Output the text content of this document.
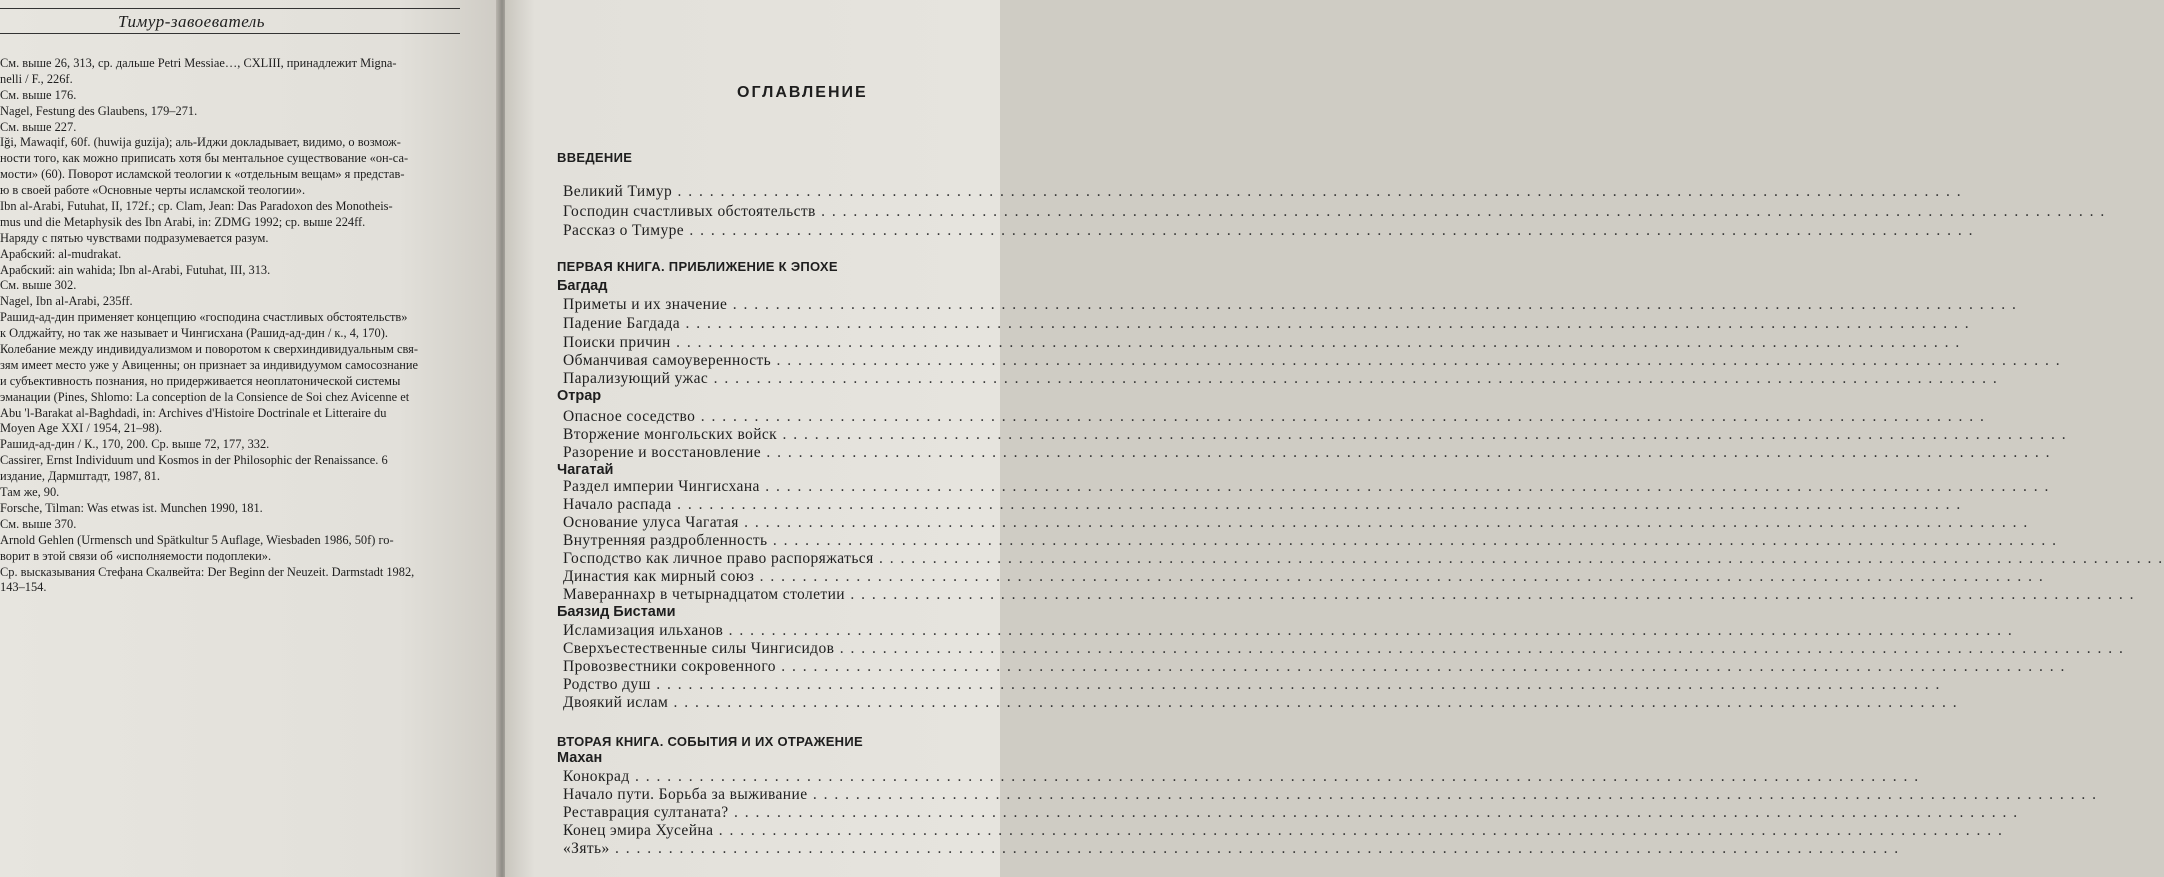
Тимур-завоеватель
См. выше 26, 313, ср. дальше Petri Messiae…, CXLIII, принадлежит Migna-
nelli / F., 226f.
См. выше 176.
Nagel, Festung des Glaubens, 179–271.
См. выше 227.
Iği, Mawaqif, 60f. (huwija guzija); аль-Иджи докладывает, видимо, о возмож-
ности того, как можно приписать хотя бы ментальное существование «он-са-
мости» (60). Поворот исламской теологии к «отдельным вещам» я представ-
ю в своей работе «Основные черты исламской теологии».
Ibn al-Arabi, Futuhat, II, 172f.; ср. Clam, Jean: Das Paradoxon des Monotheis-
mus und die Metaphysik des Ibn Arabi, in: ZDMG 1992; ср. выше 224ff.
Наряду с пятью чувствами подразумевается разум.
Арабский: al-mudrakat.
Арабский: ain wahida; Ibn al-Arabi, Futuhat, III, 313.
См. выше 302.
Nagel, Ibn al-Arabi, 235ff.
Рашид-ад-дин применяет концепцию «господина счастливых обстоятельств»
к Олджайту, но так же называет и Чингисхана (Рашид-ад-дин / к., 4, 170).
Колебание между индивидуализмом и поворотом к сверхиндивидуальным свя-
зям имеет место уже у Авиценны; он признает за индивидуумом самосознание
и субъективность познания, но придерживается неоплатонической системы
эманации (Pines, Shlomo: La conception de la Consience de Soi chez Avicenne et
Abu 'l-Barakat al-Baghdadi, in: Archives d'Histoire Doctrinale et Litteraire du
Moyen Age XXI / 1954, 21–98).
Рашид-ад-дин / К., 170, 200. Ср. выше 72, 177, 332.
Cassirer, Ernst Individuum und Kosmos in der Philosophic der Renaissance. 6
издание, Дармштадт, 1987, 81.
Там же, 90.
Forsche, Tilman: Was etwas ist. Munchen 1990, 181.
См. выше 370.
Arnold Gehlen (Urmensch und Spätkultur 5 Auflage, Wiesbaden 1986, 50f) го-
ворит в этой связи об «исполняемости подоплеки».
Ср. высказывания Стефана Скалвейта: Der Beginn der Neuzeit. Darmstadt 1982,
143–154.
ОГЛАВЛЕНИЕ
ВВЕДЕНИЕ
Великий Тимур . . . . . . . . . . . . . . . . . . . . . . . . . . . . . . . . . . . . . . . . . . . . . . . . . . . . . . . . . . . . . . . . . . . . . . . . . . . . . . . . . . . . . . . . . . . . . . . . . . . . . . . . . . . . . . . . . . . . . . . .
Господин счастливых обстоятельств . . . . . . . . . . . . . . . . . . . . . . . . . . . . . . . . . . . . . . . . . . . . . . . . . . . . . . . . . . . . . . . . . . . . . . . . . . . . . . . . . . . . . . . . . . . . . . . . . . . . . . . . . . . . . . . . . . . . . . . .
Рассказ о Тимуре . . . . . . . . . . . . . . . . . . . . . . . . . . . . . . . . . . . . . . . . . . . . . . . . . . . . . . . . . . . . . . . . . . . . . . . . . . . . . . . . . . . . . . . . . . . . . . . . . . . . . . . . . . . . . . . . . . . . . . . .
ПЕРВАЯ КНИГА. ПРИБЛИЖЕНИЕ К ЭПОХЕ
Багдад
Приметы и их значение . . . . . . . . . . . . . . . . . . . . . . . . . . . . . . . . . . . . . . . . . . . . . . . . . . . . . . . . . . . . . . . . . . . . . . . . . . . . . . . . . . . . . . . . . . . . . . . . . . . . . . . . . . . . . . . . . . . . . . . .
Падение Багдада . . . . . . . . . . . . . . . . . . . . . . . . . . . . . . . . . . . . . . . . . . . . . . . . . . . . . . . . . . . . . . . . . . . . . . . . . . . . . . . . . . . . . . . . . . . . . . . . . . . . . . . . . . . . . . . . . . . . . . . .
Поиски причин . . . . . . . . . . . . . . . . . . . . . . . . . . . . . . . . . . . . . . . . . . . . . . . . . . . . . . . . . . . . . . . . . . . . . . . . . . . . . . . . . . . . . . . . . . . . . . . . . . . . . . . . . . . . . . . . . . . . . . . .
Обманчивая самоуверенность . . . . . . . . . . . . . . . . . . . . . . . . . . . . . . . . . . . . . . . . . . . . . . . . . . . . . . . . . . . . . . . . . . . . . . . . . . . . . . . . . . . . . . . . . . . . . . . . . . . . . . . . . . . . . . . . . . . . . . . .
Парализующий ужас . . . . . . . . . . . . . . . . . . . . . . . . . . . . . . . . . . . . . . . . . . . . . . . . . . . . . . . . . . . . . . . . . . . . . . . . . . . . . . . . . . . . . . . . . . . . . . . . . . . . . . . . . . . . . . . . . . . . . . . .
Отрар
Опасное соседство . . . . . . . . . . . . . . . . . . . . . . . . . . . . . . . . . . . . . . . . . . . . . . . . . . . . . . . . . . . . . . . . . . . . . . . . . . . . . . . . . . . . . . . . . . . . . . . . . . . . . . . . . . . . . . . . . . . . . . . .
Вторжение монгольских войск . . . . . . . . . . . . . . . . . . . . . . . . . . . . . . . . . . . . . . . . . . . . . . . . . . . . . . . . . . . . . . . . . . . . . . . . . . . . . . . . . . . . . . . . . . . . . . . . . . . . . . . . . . . . . . . . . . . . . . . .
Разорение и восстановление . . . . . . . . . . . . . . . . . . . . . . . . . . . . . . . . . . . . . . . . . . . . . . . . . . . . . . . . . . . . . . . . . . . . . . . . . . . . . . . . . . . . . . . . . . . . . . . . . . . . . . . . . . . . . . . . . . . . . . . .
Чагатай
Раздел империи Чингисхана . . . . . . . . . . . . . . . . . . . . . . . . . . . . . . . . . . . . . . . . . . . . . . . . . . . . . . . . . . . . . . . . . . . . . . . . . . . . . . . . . . . . . . . . . . . . . . . . . . . . . . . . . . . . . . . . . . . . . . . .
Начало распада . . . . . . . . . . . . . . . . . . . . . . . . . . . . . . . . . . . . . . . . . . . . . . . . . . . . . . . . . . . . . . . . . . . . . . . . . . . . . . . . . . . . . . . . . . . . . . . . . . . . . . . . . . . . . . . . . . . . . . . .
Основание улуса Чагатая . . . . . . . . . . . . . . . . . . . . . . . . . . . . . . . . . . . . . . . . . . . . . . . . . . . . . . . . . . . . . . . . . . . . . . . . . . . . . . . . . . . . . . . . . . . . . . . . . . . . . . . . . . . . . . . . . . . . . . . .
Внутренняя раздробленность . . . . . . . . . . . . . . . . . . . . . . . . . . . . . . . . . . . . . . . . . . . . . . . . . . . . . . . . . . . . . . . . . . . . . . . . . . . . . . . . . . . . . . . . . . . . . . . . . . . . . . . . . . . . . . . . . . . . . . . .
Господство как личное право распоряжаться . . . . . . . . . . . . . . . . . . . . . . . . . . . . . . . . . . . . . . . . . . . . . . . . . . . . . . . . . . . . . . . . . . . . . . . . . . . . . . . . . . . . . . . . . . . . . . . . . . . . . . . . . . . . . . . . . . . . . . . .
Династия как мирный союз . . . . . . . . . . . . . . . . . . . . . . . . . . . . . . . . . . . . . . . . . . . . . . . . . . . . . . . . . . . . . . . . . . . . . . . . . . . . . . . . . . . . . . . . . . . . . . . . . . . . . . . . . . . . . . . . . . . . . . . .
Мавераннахр в четырнадцатом столетии . . . . . . . . . . . . . . . . . . . . . . . . . . . . . . . . . . . . . . . . . . . . . . . . . . . . . . . . . . . . . . . . . . . . . . . . . . . . . . . . . . . . . . . . . . . . . . . . . . . . . . . . . . . . . . . . . . . . . . . .
Баязид Бистами
Исламизация ильханов . . . . . . . . . . . . . . . . . . . . . . . . . . . . . . . . . . . . . . . . . . . . . . . . . . . . . . . . . . . . . . . . . . . . . . . . . . . . . . . . . . . . . . . . . . . . . . . . . . . . . . . . . . . . . . . . . . . . . . . .
Сверхъестественные силы Чингисидов . . . . . . . . . . . . . . . . . . . . . . . . . . . . . . . . . . . . . . . . . . . . . . . . . . . . . . . . . . . . . . . . . . . . . . . . . . . . . . . . . . . . . . . . . . . . . . . . . . . . . . . . . . . . . . . . . . . . . . . .
Провозвестники сокровенного . . . . . . . . . . . . . . . . . . . . . . . . . . . . . . . . . . . . . . . . . . . . . . . . . . . . . . . . . . . . . . . . . . . . . . . . . . . . . . . . . . . . . . . . . . . . . . . . . . . . . . . . . . . . . . . . . . . . . . . .
Родство душ . . . . . . . . . . . . . . . . . . . . . . . . . . . . . . . . . . . . . . . . . . . . . . . . . . . . . . . . . . . . . . . . . . . . . . . . . . . . . . . . . . . . . . . . . . . . . . . . . . . . . . . . . . . . . . . . . . . . . . . .
Двоякий ислам . . . . . . . . . . . . . . . . . . . . . . . . . . . . . . . . . . . . . . . . . . . . . . . . . . . . . . . . . . . . . . . . . . . . . . . . . . . . . . . . . . . . . . . . . . . . . . . . . . . . . . . . . . . . . . . . . . . . . . . .
ВТОРАЯ КНИГА. СОБЫТИЯ И ИХ ОТРАЖЕНИЕ
Махан
Конокрад . . . . . . . . . . . . . . . . . . . . . . . . . . . . . . . . . . . . . . . . . . . . . . . . . . . . . . . . . . . . . . . . . . . . . . . . . . . . . . . . . . . . . . . . . . . . . . . . . . . . . . . . . . . . . . . . . . . . . . . .
Начало пути. Борьба за выживание . . . . . . . . . . . . . . . . . . . . . . . . . . . . . . . . . . . . . . . . . . . . . . . . . . . . . . . . . . . . . . . . . . . . . . . . . . . . . . . . . . . . . . . . . . . . . . . . . . . . . . . . . . . . . . . . . . . . . . . .
Реставрация султаната? . . . . . . . . . . . . . . . . . . . . . . . . . . . . . . . . . . . . . . . . . . . . . . . . . . . . . . . . . . . . . . . . . . . . . . . . . . . . . . . . . . . . . . . . . . . . . . . . . . . . . . . . . . . . . . . . . . . . . . . .
Конец эмира Хусейна . . . . . . . . . . . . . . . . . . . . . . . . . . . . . . . . . . . . . . . . . . . . . . . . . . . . . . . . . . . . . . . . . . . . . . . . . . . . . . . . . . . . . . . . . . . . . . . . . . . . . . . . . . . . . . . . . . . . . . . .
«Зять» . . . . . . . . . . . . . . . . . . . . . . . . . . . . . . . . . . . . . . . . . . . . . . . . . . . . . . . . . . . . . . . . . . . . . . . . . . . . . . . . . . . . . . . . . . . . . . . . . . . . . . . . . . . . . . . . . . . . . . . .
